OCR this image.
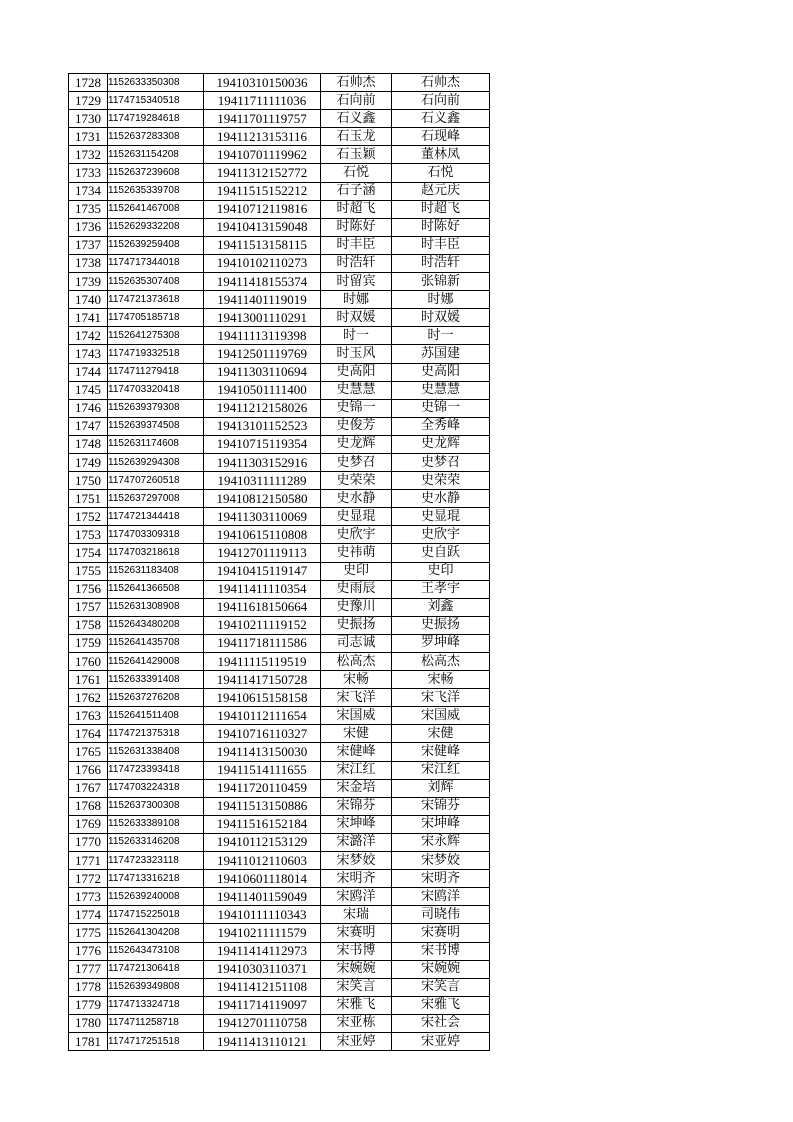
1728	1152633350308	19410310150036	石帅杰	石帅杰
1729	1174715340518	19411711111036	石向前	石向前
1730	1174719284618	19411701119757	石义鑫	石义鑫
1731	1152637283308	19411213153116	石玉龙	石现峰
1732	1152631154208	19410701119962	石玉颖	董林凤
1733	1152637239608	19411312152772	石悦	石悦
1734	1152635339708	19411515152212	石子涵	赵元庆
1735	1152641467008	19410712119816	时超飞	时超飞
1736	1152629332208	19410413159048	时陈好	时陈好
1737	1152639259408	19411513158115	时丰臣	时丰臣
1738	1174717344018	19410102110273	时浩轩	时浩轩
1739	1152635307408	19411418155374	时留宾	张锦新
1740	1174721373618	19411401119019	时娜	时娜
1741	1174705185718	19413001110291	时双媛	时双媛
1742	1152641275308	19411113119398	时一	时一
1743	1174719332518	19412501119769	时玉风	苏国建
1744	1174711279418	19411303110694	史高阳	史高阳
1745	1174703320418	19410501111400	史慧慧	史慧慧
1746	1152639379308	19411212158026	史锦一	史锦一
1747	1152639374508	19413101152523	史俊芳	全秀峰
1748	1152631174608	19410715119354	史龙辉	史龙辉
1749	1152639294308	19411303152916	史梦召	史梦召
1750	1174707260518	19410311111289	史荣荣	史荣荣
1751	1152637297008	19410812150580	史水静	史水静
1752	1174721344418	19411303110069	史显琨	史显琨
1753	1174703309318	19410615110808	史欣宇	史欣宇
1754	1174703218618	19412701119113	史祎萌	史自跃
1755	1152631183408	19410415119147	史印	史印
1756	1152641366508	19411411110354	史雨辰	王孝宇
1757	1152631308908	19411618150664	史豫川	刘鑫
1758	1152643480208	19410211119152	史振扬	史振扬
1759	1152641435708	19411718111586	司志诚	罗坤峰
1760	1152641429008	19411115119519	松高杰	松高杰
1761	1152633391408	19411417150728	宋畅	宋畅
1762	1152637276208	19410615158158	宋飞洋	宋飞洋
1763	1152641511408	19410112111654	宋国威	宋国威
1764	1174721375318	19410716110327	宋健	宋健
1765	1152631338408	19411413150030	宋健峰	宋健峰
1766	1174723393418	19411514111655	宋江红	宋江红
1767	1174703224318	19411720110459	宋金培	刘辉
1768	1152637300308	19411513150886	宋锦芬	宋锦芬
1769	1152633389108	19411516152184	宋坤峰	宋坤峰
1770	1152633146208	19410112153129	宋潞洋	宋永辉
1771	1174723323118	19411012110603	宋梦姣	宋梦姣
1772	1174713316218	19410601118014	宋明齐	宋明齐
1773	1152639240008	19411401159049	宋鸥洋	宋鸥洋
1774	1174715225018	19410111110343	宋瑞	司晓伟
1775	1152641304208	19410211111579	宋赛明	宋赛明
1776	1152643473108	19411414112973	宋书博	宋书博
1777	1174721306418	19410303110371	宋婉婉	宋婉婉
1778	1152639349808	19411412151108	宋笑言	宋笑言
1779	1174713324718	19411714119097	宋雅飞	宋雅飞
1780	1174711258718	19412701110758	宋亚栋	宋社会
1781	1174717251518	19411413110121	宋亚婷	宋亚婷
